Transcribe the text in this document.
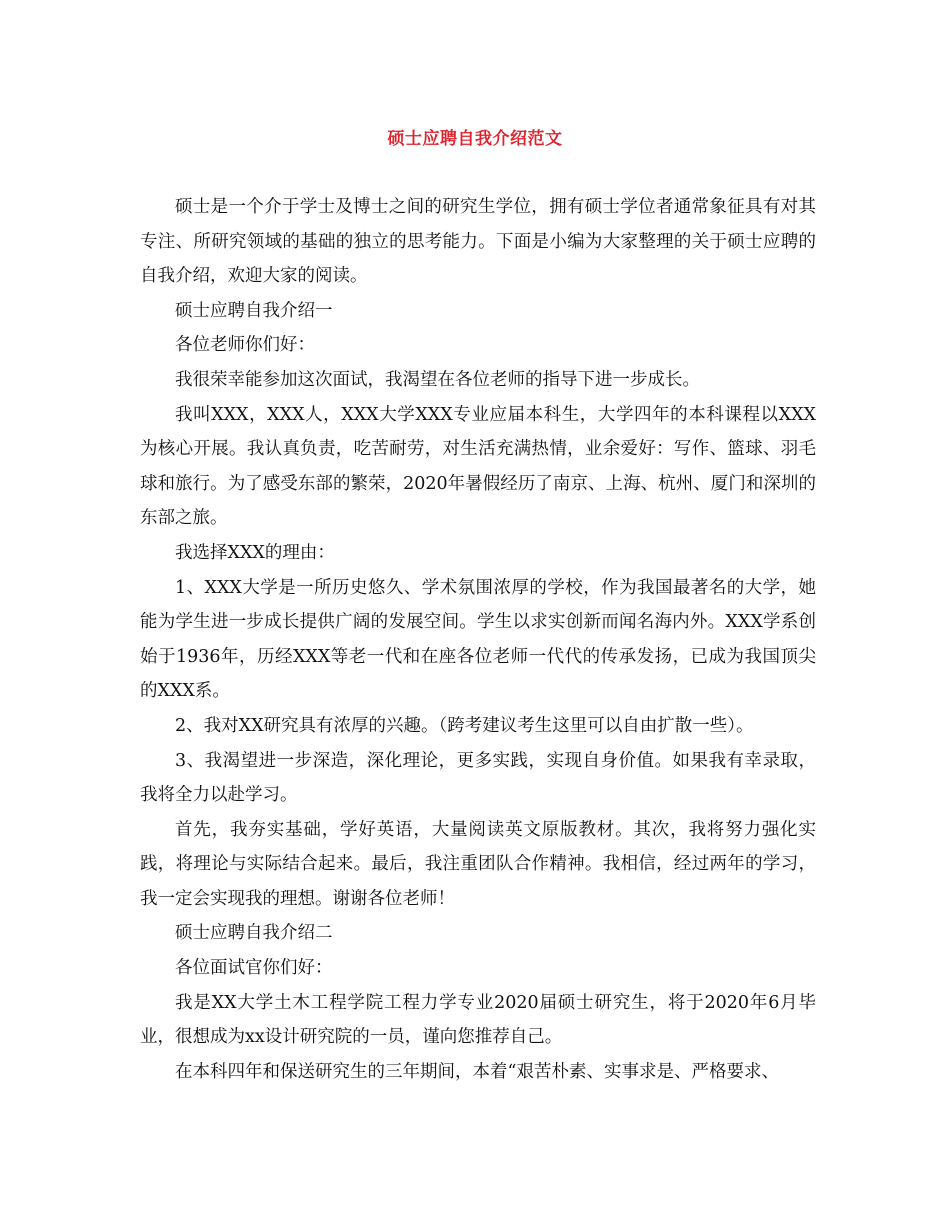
硕士应聘自我介绍范文

硕士是一个介于学士及博士之间的研究生学位，拥有硕士学位者通常象征具有对其专注、所研究领域的基础的独立的思考能力。下面是小编为大家整理的关于硕士应聘的自我介绍，欢迎大家的阅读。

硕士应聘自我介绍一

各位老师你们好：

我很荣幸能参加这次面试，我渴望在各位老师的指导下进一步成长。

我叫XXX，XXX人，XXX大学XXX专业应届本科生，大学四年的本科课程以XXX为核心开展。我认真负责，吃苦耐劳，对生活充满热情，业余爱好：写作、篮球、羽毛球和旅行。为了感受东部的繁荣，2020年暑假经历了南京、上海、杭州、厦门和深圳的东部之旅。

我选择XXX的理由：

1、XXX大学是一所历史悠久、学术氛围浓厚的学校，作为我国最著名的大学，她能为学生进一步成长提供广阔的发展空间。学生以求实创新而闻名海内外。XXX学系创始于1936年，历经XXX等老一代和在座各位老师一代代的传承发扬，已成为我国顶尖的XXX系。

2、我对XX研究具有浓厚的兴趣。（跨考建议考生这里可以自由扩散一些）。

3、我渴望进一步深造，深化理论，更多实践，实现自身价值。如果我有幸录取，我将全力以赴学习。

首先，我夯实基础，学好英语，大量阅读英文原版教材。其次，我将努力强化实践，将理论与实际结合起来。最后，我注重团队合作精神。我相信，经过两年的学习，我一定会实现我的理想。谢谢各位老师！

硕士应聘自我介绍二

各位面试官你们好：

我是XX大学土木工程学院工程力学专业2020届硕士研究生，将于2020年6月毕业，很想成为xx设计研究院的一员，谨向您推荐自己。

在本科四年和保送研究生的三年期间，本着“艰苦朴素、实事求是、严格要求、
